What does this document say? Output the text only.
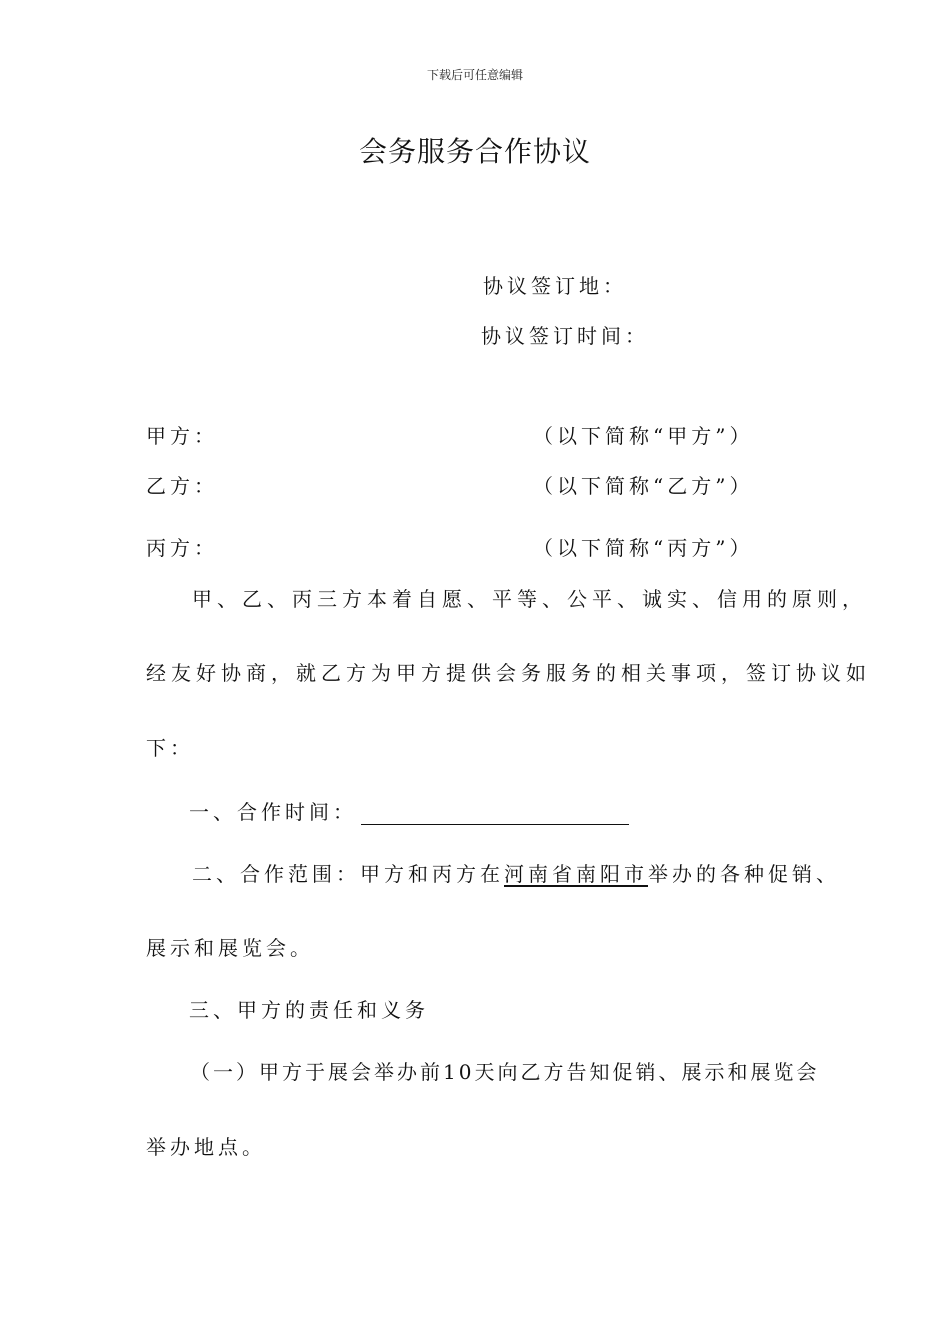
下载后可任意编辑
会务服务合作协议
协议签订地：
协议签订时间：
甲方：	（以下简称“甲方”）
乙方：	（以下简称“乙方”）
丙方：	（以下简称“丙方”）
甲、乙、丙三方本着自愿、平等、公平、诚实、信用的原则，
经友好协商，就乙方为甲方提供会务服务的相关事项，签订协议如
下：
一、合作时间：
二、合作范围：甲方和丙方在河南省南阳市举办的各种促销、
展示和展览会。
三、甲方的责任和义务
（一）甲方于展会举办前10天向乙方告知促销、展示和展览会
举办地点。
